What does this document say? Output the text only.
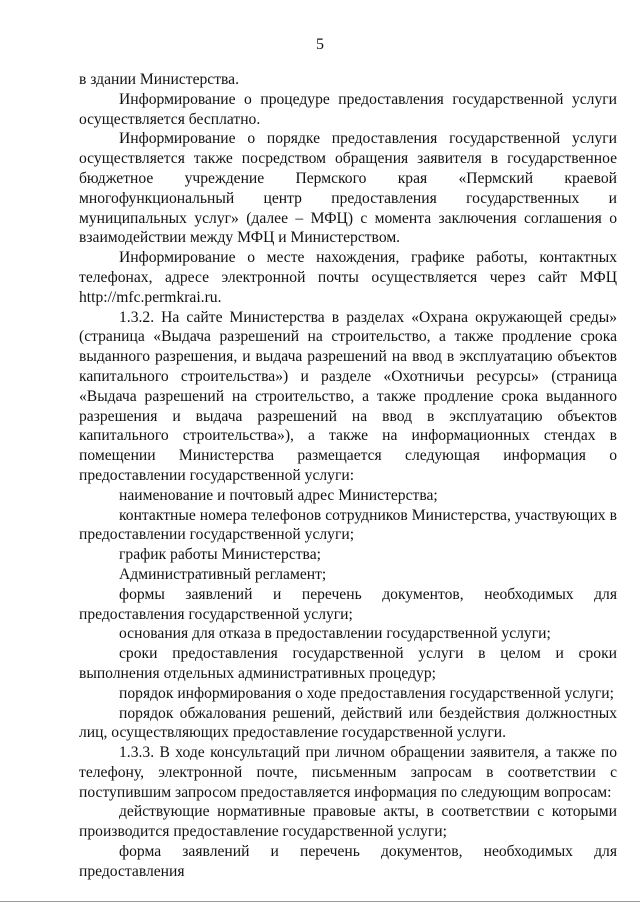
5

в здании Министерства.

Информирование о процедуре предоставления государственной услуги осуществляется бесплатно.

Информирование о порядке предоставления государственной услуги осуществляется также посредством обращения заявителя в государственное бюджетное учреждение Пермского края «Пермский краевой многофункциональный центр предоставления государственных и муниципальных услуг» (далее – МФЦ) с момента заключения соглашения о взаимодействии между МФЦ и Министерством.

Информирование о месте нахождения, графике работы, контактных телефонах, адресе электронной почты осуществляется через сайт МФЦ http://mfc.permkrai.ru.

1.3.2. На сайте Министерства в разделах «Охрана окружающей среды» (страница «Выдача разрешений на строительство, а также продление срока выданного разрешения, и выдача разрешений на ввод в эксплуатацию объектов капитального строительства») и разделе «Охотничьи ресурсы» (страница «Выдача разрешений на строительство, а также продление срока выданного разрешения и выдача разрешений на ввод в эксплуатацию объектов капитального строительства»), а также на информационных стендах в помещении Министерства размещается следующая информация о предоставлении государственной услуги:

наименование и почтовый адрес Министерства;

контактные номера телефонов сотрудников Министерства, участвующих в предоставлении государственной услуги;

график работы Министерства;

Административный регламент;

формы заявлений и перечень документов, необходимых для предоставления государственной услуги;

основания для отказа в предоставлении государственной услуги;

сроки предоставления государственной услуги в целом и сроки выполнения отдельных административных процедур;

порядок информирования о ходе предоставления государственной услуги;

порядок обжалования решений, действий или бездействия должностных лиц, осуществляющих предоставление государственной услуги.

1.3.3. В ходе консультаций при личном обращении заявителя, а также по телефону, электронной почте, письменным запросам в соответствии с поступившим запросом предоставляется информация по следующим вопросам:

действующие нормативные правовые акты, в соответствии с которыми производится предоставление государственной услуги;

форма заявлений и перечень документов, необходимых для предоставления
